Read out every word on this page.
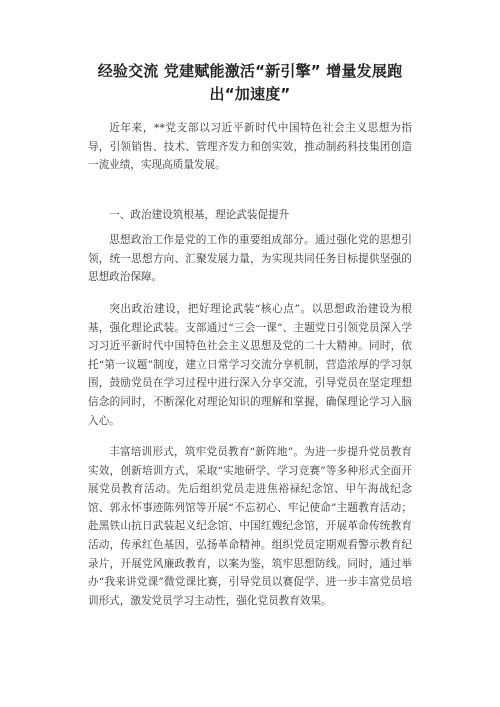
经验交流 党建赋能激活“新引擎” 增量发展跑出“加速度”

近年来，**党支部以习近平新时代中国特色社会主义思想为指导，引领销售、技术、管理齐发力和创实效，推动制药科技集团创造一流业绩，实现高质量发展。

一、政治建设筑根基，理论武装促提升

思想政治工作是党的工作的重要组成部分。通过强化党的思想引领，统一思想方向、汇聚发展力量，为实现共同任务目标提供坚强的思想政治保障。

突出政治建设，把好理论武装“核心点”。以思想政治建设为根基，强化理论武装。支部通过“三会一课”、主题党日引领党员深入学习习近平新时代中国特色社会主义思想及党的二十大精神。同时，依托“第一议题”制度，建立日常学习交流分享机制，营造浓厚的学习氛围，鼓励党员在学习过程中进行深入分享交流，引导党员在坚定理想信念的同时，不断深化对理论知识的理解和掌握，确保理论学习入脑入心。

丰富培训形式，筑牢党员教育“新阵地”。为进一步提升党员教育实效，创新培训方式，采取“实地研学、学习竞赛”等多种形式全面开展党员教育活动。先后组织党员走进焦裕禄纪念馆、甲午海战纪念馆、郭永怀事迹陈列馆等开展“不忘初心、牢记使命”主题教育活动；赴黑铁山抗日武装起义纪念馆、中国红嫂纪念馆，开展革命传统教育活动，传承红色基因，弘扬革命精神。组织党员定期观看警示教育纪录片，开展党风廉政教育，以案为鉴，筑牢思想防线。同时，通过举办“我来讲党课”微党课比赛，引导党员以赛促学、进一步丰富党员培训形式，激发党员学习主动性，强化党员教育效果。
